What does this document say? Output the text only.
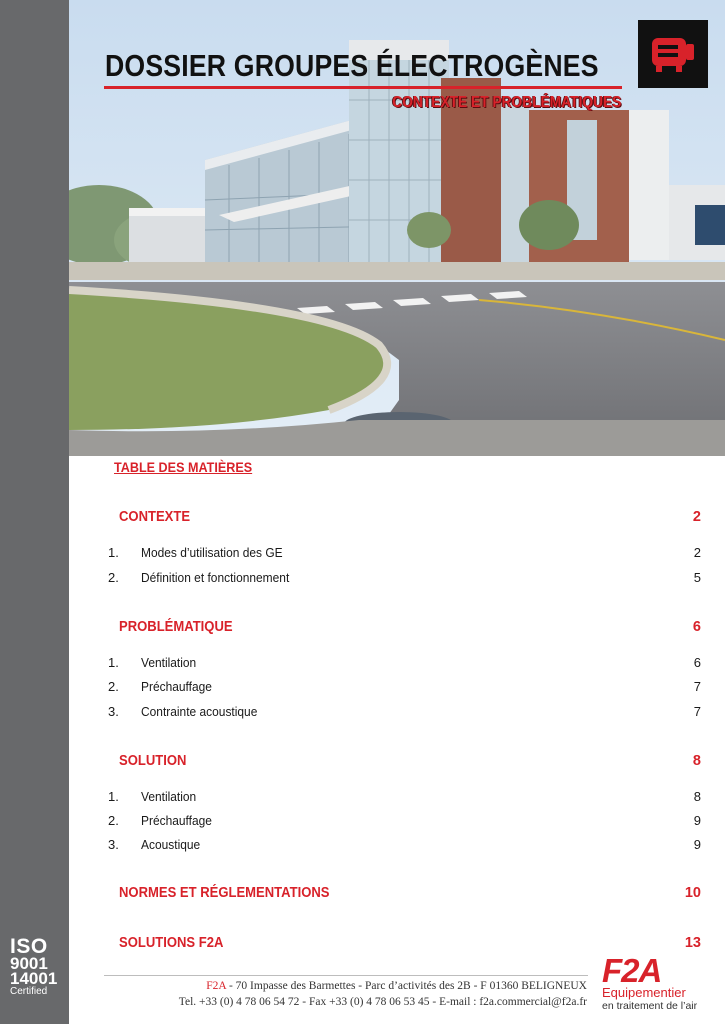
ISO
9001
14001
Certified
DOSSIER GROUPES ÉLECTROGÈNES
CONTEXTE ET PROBLÉMATIQUES
TABLE DES MATIÈRES
CONTEXTE	2
1. Modes d’utilisation des GE	2
2. Définition et fonctionnement	5
PROBLÉMATIQUE	6
1. Ventilation	6
2. Préchauffage	7
3. Contrainte acoustique	7
SOLUTION	8
1. Ventilation	8
2. Préchauffage	9
3. Acoustique	9
NORMES ET RÉGLEMENTATIONS	10
SOLUTIONS F2A	13
F2A - 70 Impasse des Barmettes - Parc d’activités des 2B - F 01360 BELIGNEUX
Tel. +33 (0) 4 78 06 54 72 - Fax +33 (0) 4 78 06 53 45 - E-mail : f2a.commercial@f2a.fr
F2A
Equipementier
en traitement de l’air
